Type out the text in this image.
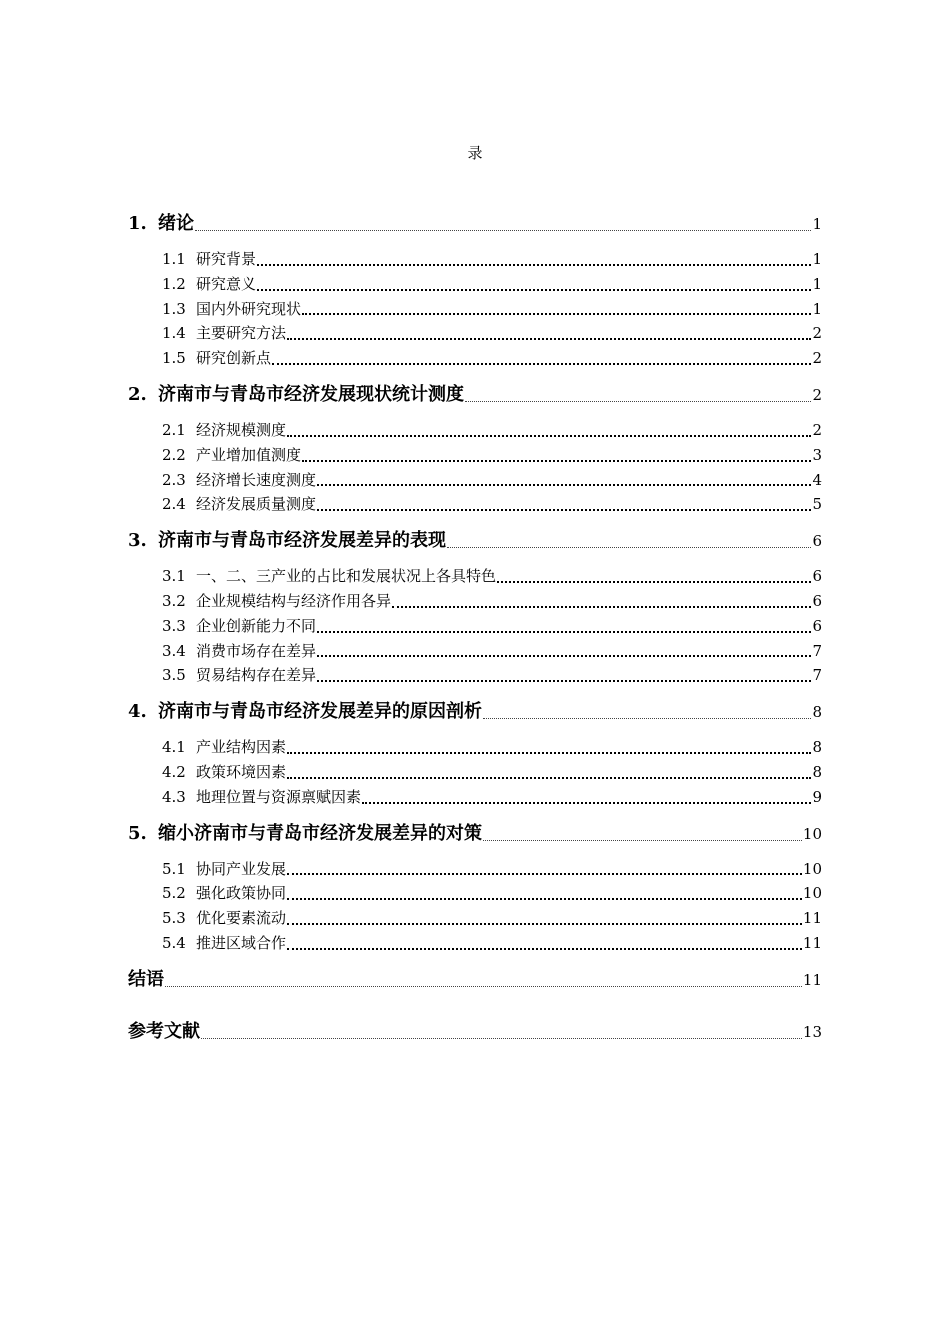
录
1. 绪论	1
1.1 研究背景	1
1.2 研究意义	1
1.3 国内外研究现状	1
1.4 主要研究方法	2
1.5 研究创新点	2
2. 济南市与青岛市经济发展现状统计测度	2
2.1 经济规模测度	2
2.2 产业增加值测度	3
2.3 经济增长速度测度	4
2.4 经济发展质量测度	5
3. 济南市与青岛市经济发展差异的表现	6
3.1 一、二、三产业的占比和发展状况上各具特色	6
3.2 企业规模结构与经济作用各异	6
3.3 企业创新能力不同	6
3.4 消费市场存在差异	7
3.5 贸易结构存在差异	7
4. 济南市与青岛市经济发展差异的原因剖析	8
4.1 产业结构因素	8
4.2 政策环境因素	8
4.3 地理位置与资源禀赋因素	9
5. 缩小济南市与青岛市经济发展差异的对策	10
5.1 协同产业发展	10
5.2 强化政策协同	10
5.3 优化要素流动	11
5.4 推进区域合作	11
结语	11
参考文献	13
